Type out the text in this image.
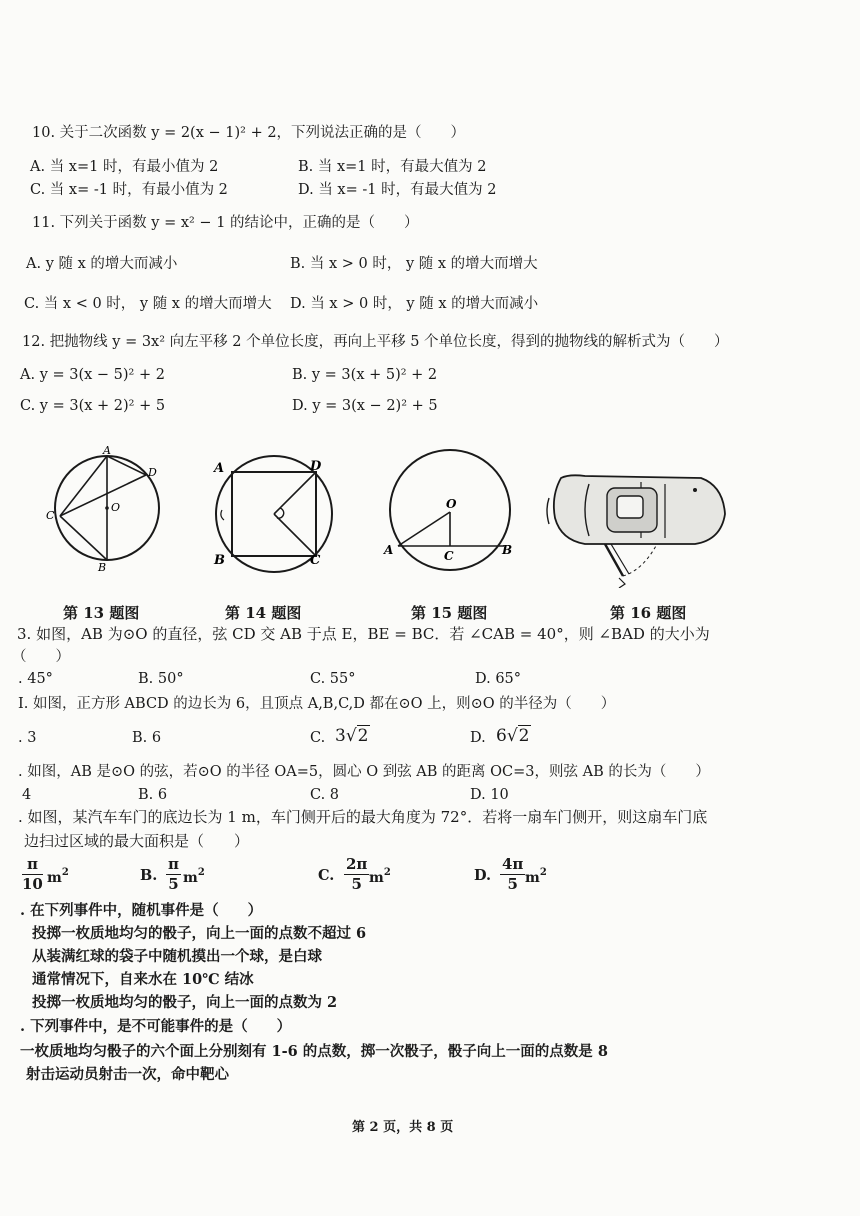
10. 关于二次函数 y = 2(x − 1)² + 2，下列说法正确的是（　　）
A. 当 x=1 时，有最小值为 2	B. 当 x=1 时，有最大值为 2
C. 当 x= -1 时，有最小值为 2	D. 当 x= -1 时，有最大值为 2
11. 下列关于函数 y = x² − 1 的结论中，正确的是（　　）
A. y 随 x 的增大而减小	B. 当 x > 0 时， y 随 x 的增大而增大
C. 当 x < 0 时， y 随 x 的增大而增大 D. 当 x > 0 时， y 随 x 的增大而减小
12. 把抛物线 y = 3x² 向左平移 2 个单位长度，再向上平移 5 个单位长度，得到的抛物线的解析式为（　　）
A. y = 3(x − 5)² + 2	B. y = 3(x + 5)² + 2
C. y = 3(x + 2)² + 5	D. y = 3(x − 2)² + 5
A
D
C
O
B
A	D
B	C
O
A	C	B
第 13 题图	第 14 题图	第 15 题图	第 16 题图
3. 如图，AB 为⊙O 的直径，弦 CD 交 AB 于点 E，BE = BC．若 ∠CAB = 40°，则 ∠BAD 的大小为
（　　）
. 45°	B. 50°	C. 55°	D. 65°
I. 如图，正方形 ABCD 的边长为 6，且顶点 A,B,C,D 都在⊙O 上，则⊙O 的半径为（　　）
. 3	B. 6	C. 3√2	D. 6√2
. 如图，AB 是⊙O 的弦，若⊙O 的半径 OA=5，圆心 O 到弦 AB 的距离 OC=3，则弦 AB 的长为（　　）
4	B. 6	C. 8	D. 10
. 如图，某汽车车门的底边长为 1 m，车门侧开后的最大角度为 72°．若将一扇车门侧开，则这扇车门底
边扫过区域的最大面积是（　　）
$\frac{\pi}{10} m^2$	B. $\frac{\pi}{5} m^2$	C. $\frac{2\pi}{5} m^2$	D. $\frac{4\pi}{5} m^2$
. 在下列事件中，随机事件是（　　）
投掷一枚质地均匀的骰子，向上一面的点数不超过 6
从装满红球的袋子中随机摸出一个球，是白球
通常情况下，自来水在 10℃ 结冰
投掷一枚质地均匀的骰子，向上一面的点数为 2
. 下列事件中，是不可能事件的是（　　）
一枚质地均匀骰子的六个面上分别刻有 1-6 的点数，掷一次骰子，骰子向上一面的点数是 8
射击运动员射击一次，命中靶心
第 2 页，共 8 页
